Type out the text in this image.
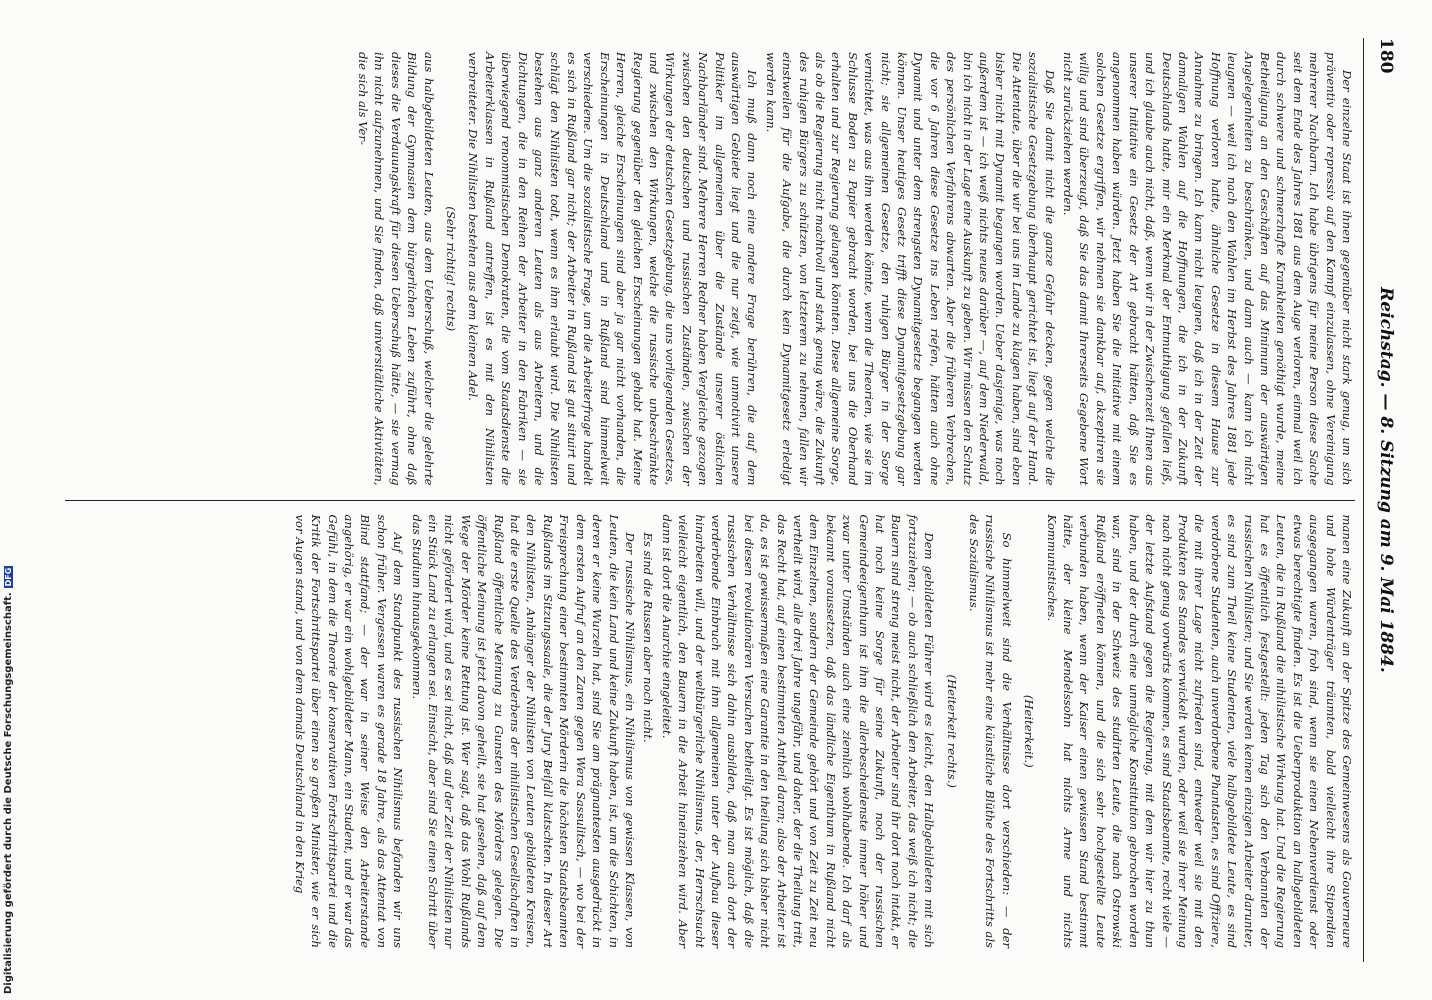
180
Reichstag. — 8. Sitzung am 9. Mai 1884.

Der einzelne Staat ist ihnen gegenüber nicht stark genug, um sich präventiv oder repressiv auf den Kampf einzulassen, ohne Vereinigung mehrerer Nachbarn. Ich habe übrigens für meine Person diese Sache seit dem Ende des Jahres 1881 aus dem Auge verloren, einmal weil ich durch schwere und schmerzhafte Krankheiten genöthigt wurde, meine Betheiligung an den Geschäften auf das Minimum der auswärtigen Angelegenheiten zu beschränken, und dann auch — kann ich nicht leugnen — weil ich nach den Wahlen im Herbst des Jahres 1881 jede Hoffnung verloren hatte, ähnliche Gesetze in diesem Hause zur Annahme zu bringen. Ich kann nicht leugnen, daß ich in der Zeit der damaligen Wahlen auf die Hoffnungen, die ich in der Zukunft Deutschlands hatte, mir ein Merkmal der Entmuthigung gefallen ließ, und ich glaube auch nicht, daß, wenn wir in der Zwischenzeit Ihnen aus unserer Initiative ein Gesetz der Art gebracht hätten, daß Sie es angenommen haben würden. Jetzt haben Sie die Initiative mit einem solchen Gesetze ergriffen, wir nehmen sie dankbar auf, akzeptiren sie willig und sind überzeugt, daß Sie das damit Ihrerseits Gegebene Wort nicht zurückziehen werden.

Daß Sie damit nicht die ganze Gefahr decken, gegen welche die sozialistische Gesetzgebung überhaupt gerichtet ist, liegt auf der Hand. Die Attentate, über die wir bei uns im Lande zu klagen haben, sind eben bisher nicht mit Dynamit begangen worden. Ueber dasjenige, was noch außerdem ist — ich weiß nichts neues darüber —, auf dem Niederwald, bin ich nicht in der Lage eine Auskunft zu geben. Wir müssen den Schutz des persönlichen Verfahrens abwarten. Aber die früheren Verbrechen, die vor 6 Jahren diese Gesetze ins Leben riefen, hätten auch ohne Dynamit und unter dem strengsten Dynamitgesetze begangen werden können. Unser heutiges Gesetz trifft diese Dynamitgesetzgebung gar nicht; sie allgemeinen Gesetze, den ruhigen Bürger in der Sorge vernichtet, was aus ihm werden könnte, wenn die Theorien, wie sie im Schlusse Boden zu Papier gebracht worden, bei uns die Oberhand erhalten und zur Regierung gelangen könnten. Diese allgemeine Sorge, als ob die Regierung nicht machtvoll und stark genug wäre, die Zukunft des ruhigen Bürgers zu schützen, von letzterem zu nehmen, fallen wir einstweilen für die Aufgabe, die durch kein Dynamitgesetz erledigt werden kann.

Ich muß dann noch eine andere Frage berühren, die auf dem auswärtigen Gebiete liegt und die nur zeigt, wie unmotivirt unsere Politiker im allgemeinen über die Zustände unserer östlichen Nachbarländer sind. Mehrere Herren Redner haben Vergleiche gezogen zwischen den deutschen und russischen Zuständen, zwischen der Wirkungen der deutschen Gesetzgebung, die uns vorliegenden Gesetzes, und zwischen den Wirkungen, welche die russische unbeschränkte Regierung gegenüber den gleichen Erscheinungen gehabt hat. Meine Herren, gleiche Erscheinungen sind aber ja gar nicht vorhanden, die Erscheinungen in Deutschland und in Rußland sind himmelweit verschiedene. Um die sozialistische Frage, um die Arbeiterfrage handelt es sich in Rußland gar nicht; der Arbeiter in Rußland ist gut situirt und schlägt den Nihilisten todt, wenn es ihm erlaubt wird. Die Nihilisten bestehen aus ganz anderen Leuten als aus Arbeitern, und die Dichtungen, die in den Reihen der Arbeiter in den Fabriken — sie überwiegend renommistischen Demokraten, die vom Staatsdienste die Arbeiterklassen in Rußland antreffen, ist es mit den Nihilisten verbreiteter. Die Nihilisten bestehen aus dem kleinen Adel.

(Sehr richtig! rechts)

aus halbgebildeten Leuten, aus dem Ueberschuß, welcher die gelehrte Bildung der Gymnasien dem bürgerlichen Leben zuführt, ohne daß dieses die Verdauungskraft für diesen Ueberschuß hätte, — sie vermag ihn nicht aufzunehmen, und Sie finden, daß universitätliche Aktivitäten, die sich als Ver-

manen eine Zukunft an der Spitze des Gemeinwesens als Gouverneure und hohe Würdenträger träumten, bald vielleicht ihre Stipendien ausgegangen waren, froh sind, wenn sie einen Nebenverdienst oder etwas berechtigte finden. Es ist die Ueberproduktion an halbgebildeten Leuten, die in Rußland die nihilistische Wirkung hat. Und die Regierung hat es öffentlich festgestellt: jeden Tag sich den Verbannten der russischen Nihilisten; und Sie werden keinen einzigen Arbeiter darunter, es sind zum Theil keine Studenten, viele halbgebildete Leute, es sind verdorbene Studenten, auch unverdorbene Phantasten, es sind Offiziere, die mit ihrer Lage nicht zufrieden sind, entweder weil sie mit den Produkten des Standes verwickelt wurden, oder weil sie ihrer Meinung nach nicht genug vorwärts kommen, es sind Staatsbeamte, recht viele — der letzte Aufstand gegen die Regierung, mit dem wir hier zu thun haben, und der durch eine unmögliche Konstitution gebrochen worden war, sind in der Schweiz des studirten Leute, die nach Ostrowski Rußland eröffneten können, und die sich sehr hochgestellte Leute verbunden haben, wenn der Kaiser einen gewissen Stand bestimmt hätte, der kleine Mendelssohn hat nichts Arme und nichts Kommunistisches.

(Heiterkeit.)

So himmelweit sind die Verhältnisse dort verschieden: — der russische Nihilismus ist mehr eine künstliche Blüthe des Fortschritts als des Sozialismus.

(Heiterkeit rechts.)

Dem gebildeten Führer wird es leicht, den Halbgebildeten mit sich fortzuziehen; — ob auch schließlich den Arbeiter, das weiß ich nicht; die Bauern sind streng meist nicht, der Arbeiter sind ihr dort noch intakt, er hat noch keine Sorge für seine Zukunft, noch der russischen Gemeindeeigenthum ist ihm die allerbescheidenste immer höher und zwar unter Umständen auch eine ziemlich wohlhabende. Ich darf als bekannt voraussetzen, daß das ländliche Eigenthum in Rußland nicht dem Einzelnen, sondern der Gemeinde gehört und von Zeit zu Zeit neu vertheilt wird, alle drei Jahre ungefähr, und daher, der die Theilung tritt, das Recht hat, auf einen bestimmten Antheil daran; also der Arbeiter ist da, es ist gewissermaßen eine Garantie in den theilung sich bisher nicht bei diesen revolutionären Versuchen betheiligt. Es ist möglich, daß die russischen Verhältnisse sich dahin ausbilden, daß man auch dort der verderbende Einbruch mit ihm allgemeinen unter der Aufbau dieser hinarbeiten will, und der weltbürgerliche Nihilismus, der, Herrschsucht vielleicht eigentlich, den Bauern in die Arbeit hineinziehen wird. Aber dann ist dort die Anarchie eingeleitet.

Es sind die Russen aber noch nicht.

Der russische Nihilismus, ein Nihilismus von gewissen Klassen, von Leuten, die kein Land und keine Zukunft haben, ist, um die Schichten, in deren er keine Wurzeln hat, sind Sie am prägnantesten ausgedrückt in dem ersten Aufruf an den Zaren gegen Wera Sassulitsch, — wo bei der Freisprechung einer bestimmten Mörderin die höchsten Staatsbeamten Rußlands im Sitzungssaale, die der Jury Beifall klatschten. In dieser Art den Nihilisten, Anhänger der Nihilisten von Leuten gebildeten Kreisen, hat die erste Quelle des Verderbens der nihilistischen Gesellschaften in Rußland öffentliche Meinung zu Gunsten des Mörders gelegen. Die öffentliche Meinung ist jetzt davon geheilt, sie hat gesehen, daß auf dem Wege der Mörder keine Rettung ist. Wer sagt, daß das Wohl Rußlands nicht gefördert wird, und es sei nicht, daß auf der Zeit der Nihilisten nur ein Stück Land zu erlangen sei. Einsicht, aber sind Sie einen Schritt über das Studium hinausgekommen.

Auf dem Standpunkt des russischen Nihilismus befanden wir uns schon früher. Vergessen waren es gerade 18 Jahre, als das Attentat von Blind stattfand; — der war in seiner Weise den Arbeiterstande angehörig, er war ein wohlgebildeter Mann, ein Student, und er war das Gefühl, in dem die Theorie der konservativen Fortschrittspartei und die Kritik der Fortschrittspartei über einen so großen Minister, wie er sich vor Augen stand, und von dem damals Deutschland in den Krieg

Digitalisierung gefördert durch die Deutsche Forschungsgemeinschaft.DFG
